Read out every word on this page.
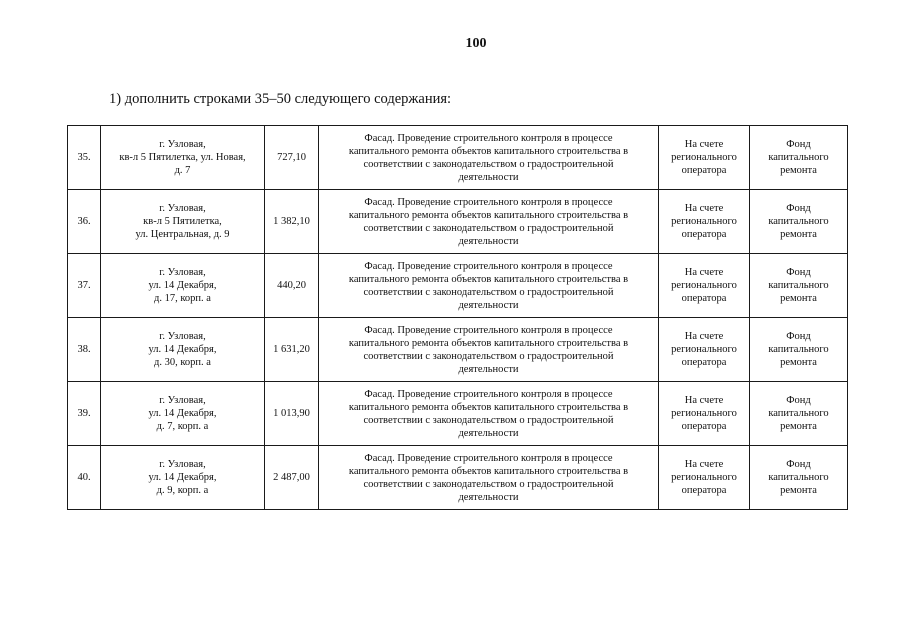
100
1) дополнить строками 35–50 следующего содержания:
35.	г. Узловая,
кв-л 5 Пятилетка, ул. Новая,
д. 7	727,10	Фасад. Проведение строительного контроля в процессе
капитального ремонта объектов капитального строительства в
соответствии с законодательством о градостроительной
деятельности	На счете
регионального
оператора	Фонд
капитального
ремонта

36.	г. Узловая,
кв-л 5 Пятилетка,
ул. Центральная, д. 9	1 382,10	Фасад. Проведение строительного контроля в процессе
капитального ремонта объектов капитального строительства в
соответствии с законодательством о градостроительной
деятельности	На счете
регионального
оператора	Фонд
капитального
ремонта

37.	г. Узловая,
ул. 14 Декабря,
д. 17, корп. а	440,20	Фасад. Проведение строительного контроля в процессе
капитального ремонта объектов капитального строительства в
соответствии с законодательством о градостроительной
деятельности	На счете
регионального
оператора	Фонд
капитального
ремонта

38.	г. Узловая,
ул. 14 Декабря,
д. 30, корп. а	1 631,20	Фасад. Проведение строительного контроля в процессе
капитального ремонта объектов капитального строительства в
соответствии с законодательством о градостроительной
деятельности	На счете
регионального
оператора	Фонд
капитального
ремонта

39.	г. Узловая,
ул. 14 Декабря,
д. 7, корп. а	1 013,90	Фасад. Проведение строительного контроля в процессе
капитального ремонта объектов капитального строительства в
соответствии с законодательством о градостроительной
деятельности	На счете
регионального
оператора	Фонд
капитального
ремонта

40.	г. Узловая,
ул. 14 Декабря,
д. 9, корп. а	2 487,00	Фасад. Проведение строительного контроля в процессе
капитального ремонта объектов капитального строительства в
соответствии с законодательством о градостроительной
деятельности	На счете
регионального
оператора	Фонд
капитального
ремонта
